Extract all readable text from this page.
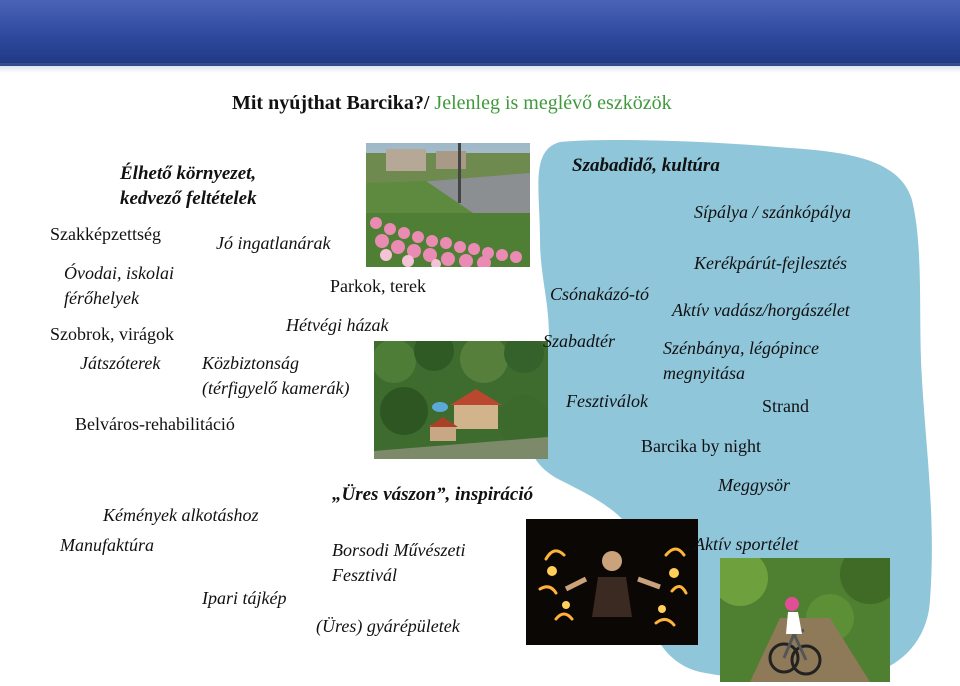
Mit nyújthat Barcika?/ Jelenleg is meglévő eszközök
Élhető környezet,
kedvező feltételek
Szakképzettség	Jó ingatlanárak
Óvodai, iskolai
férőhelyek
Parkok, terek
Hétvégi házak
Szobrok, virágok
Játszóterek Közbiztonság
(térfigyelő kamerák)
Belváros-rehabilitáció
Szabadidő, kultúra
Sípálya / szánkópálya
Kerékpárút-fejlesztés
Csónakázó-tó
Aktív vadász/horgászélet
Szabadtér	Szénbánya, légópince
megnyitása
Fesztiválok	Strand
Barcika by night
Meggysör
Aktív sportélet
„Üres vászon”, inspiráció
Kémények alkotáshoz
Manufaktúra	Borsodi Művészeti
Fesztivál
Ipari tájkép
(Üres) gyárépületek
